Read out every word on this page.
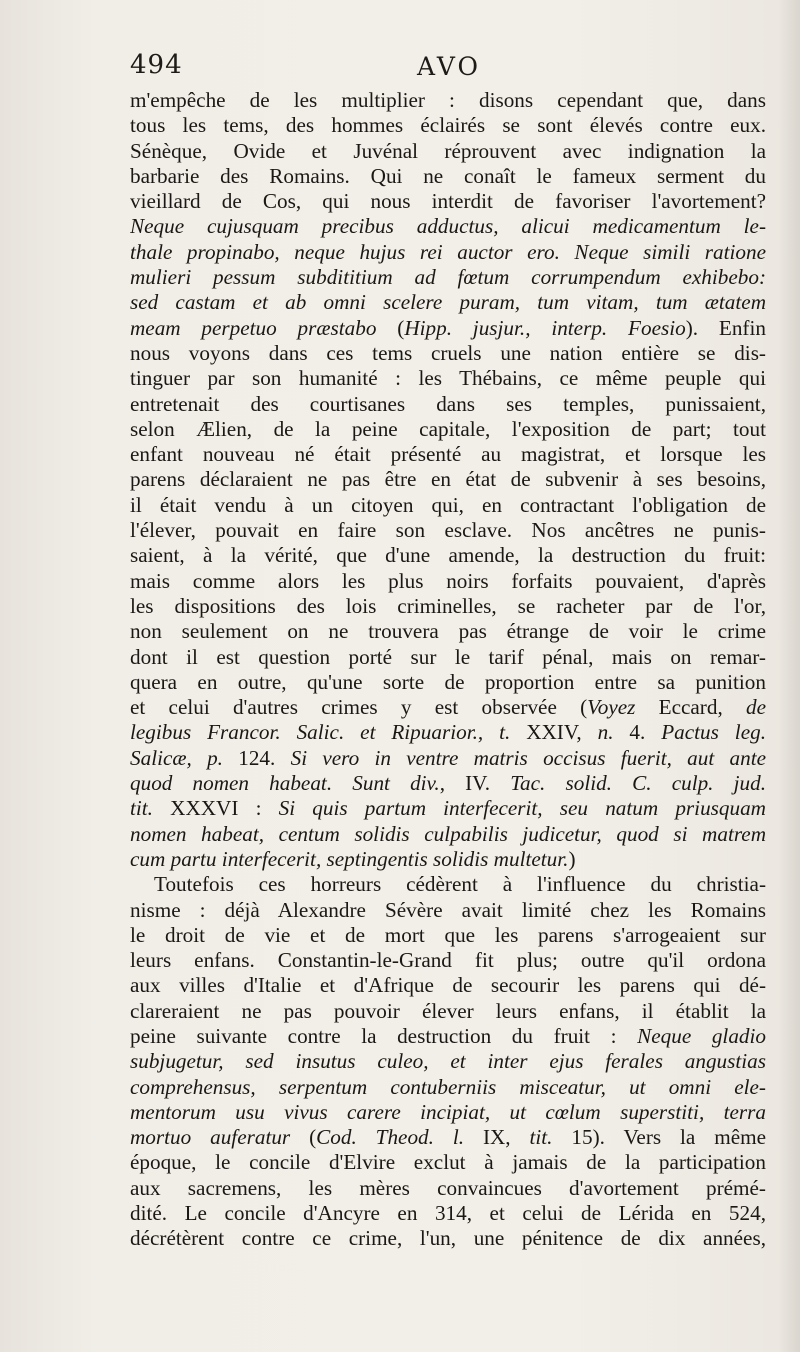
494	AVO
m'empêche de les multiplier : disons cependant que, dans
tous les tems, des hommes éclairés se sont élevés contre eux.
Sénèque, Ovide et Juvénal réprouvent avec indignation la
barbarie des Romains. Qui ne conaît le fameux serment du
vieillard de Cos, qui nous interdit de favoriser l'avortement?
Neque cujusquam precibus adductus, alicui medicamentum le-
thale propinabo, neque hujus rei auctor ero. Neque simili ratione
mulieri pessum subdititium ad fœtum corrumpendum exhibebo:
sed castam et ab omni scelere puram, tum vitam, tum ætatem
meam perpetuo præstabo (Hipp. jusjur., interp. Foesio). Enfin
nous voyons dans ces tems cruels une nation entière se dis-
tinguer par son humanité : les Thébains, ce même peuple qui
entretenait des courtisanes dans ses temples, punissaient,
selon Ælien, de la peine capitale, l'exposition de part; tout
enfant nouveau né était présenté au magistrat, et lorsque les
parens déclaraient ne pas être en état de subvenir à ses besoins,
il était vendu à un citoyen qui, en contractant l'obligation de
l'élever, pouvait en faire son esclave. Nos ancêtres ne punis-
saient, à la vérité, que d'une amende, la destruction du fruit:
mais comme alors les plus noirs forfaits pouvaient, d'après
les dispositions des lois criminelles, se racheter par de l'or,
non seulement on ne trouvera pas étrange de voir le crime
dont il est question porté sur le tarif pénal, mais on remar-
quera en outre, qu'une sorte de proportion entre sa punition
et celui d'autres crimes y est observée (Voyez Eccard, de
legibus Francor. Salic. et Ripuarior., t. XXIV, n. 4. Pactus leg.
Salicæ, p. 124. Si vero in ventre matris occisus fuerit, aut ante
quod nomen habeat. Sunt div., IV. Tac. solid. C. culp. jud.
tit. XXXVI : Si quis partum interfecerit, seu natum priusquam
nomen habeat, centum solidis culpabilis judicetur, quod si matrem
cum partu interfecerit, septingentis solidis multetur.)
Toutefois ces horreurs cédèrent à l'influence du christia-
nisme : déjà Alexandre Sévère avait limité chez les Romains
le droit de vie et de mort que les parens s'arrogeaient sur
leurs enfans. Constantin-le-Grand fit plus; outre qu'il ordona
aux villes d'Italie et d'Afrique de secourir les parens qui dé-
clareraient ne pas pouvoir élever leurs enfans, il établit la
peine suivante contre la destruction du fruit : Neque gladio
subjugetur, sed insutus culeo, et inter ejus ferales angustias
comprehensus, serpentum contuberniis misceatur, ut omni ele-
mentorum usu vivus carere incipiat, ut cœlum superstiti, terra
mortuo auferatur (Cod. Theod. l. IX, tit. 15). Vers la même
époque, le concile d'Elvire exclut à jamais de la participation
aux sacremens, les mères convaincues d'avortement prémé-
dité. Le concile d'Ancyre en 314, et celui de Lérida en 524,
décrétèrent contre ce crime, l'un, une pénitence de dix années,
